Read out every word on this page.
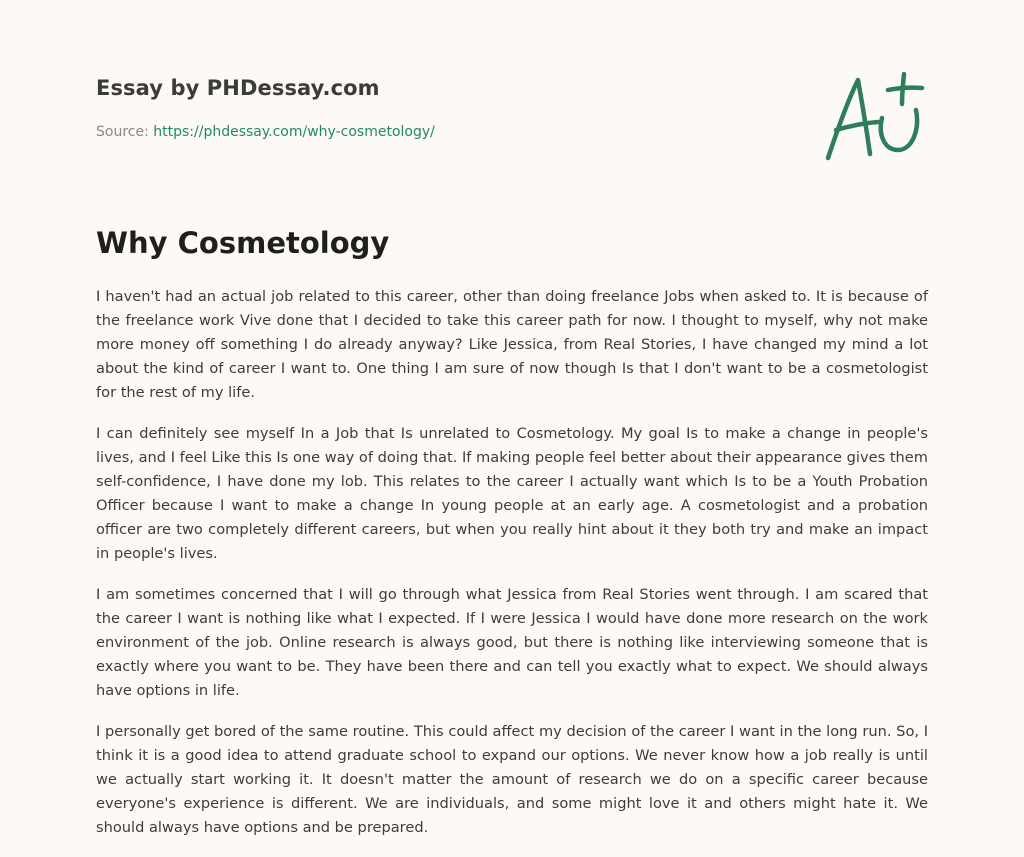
Essay by PHDessay.com

Source: https://phdessay.com/why-cosmetology/

Why Cosmetology

I haven't had an actual job related to this career, other than doing freelance Jobs when asked to. It is because of the freelance work Vive done that I decided to take this career path for now. I thought to myself, why not make more money off something I do already anyway? Like Jessica, from Real Stories, I have changed my mind a lot about the kind of career I want to. One thing I am sure of now though Is that I don't want to be a cosmetologist for the rest of my life.

I can definitely see myself In a Job that Is unrelated to Cosmetology. My goal Is to make a change in people's lives, and I feel Like this Is one way of doing that. If making people feel better about their appearance gives them self-confidence, I have done my lob. This relates to the career I actually want which Is to be a Youth Probation Officer because I want to make a change In young people at an early age. A cosmetologist and a probation officer are two completely different careers, but when you really hint about it they both try and make an impact in people's lives.

I am sometimes concerned that I will go through what Jessica from Real Stories went through. I am scared that the career I want is nothing like what I expected. If I were Jessica I would have done more research on the work environment of the job. Online research is always good, but there is nothing like interviewing someone that is exactly where you want to be. They have been there and can tell you exactly what to expect. We should always have options in life.

I personally get bored of the same routine. This could affect my decision of the career I want in the long run. So, I think it is a good idea to attend graduate school to expand our options. We never know how a job really is until we actually start working it. It doesn't matter the amount of research we do on a specific career because everyone's experience is different. We are individuals, and some might love it and others might hate it. We should always have options and be prepared.
